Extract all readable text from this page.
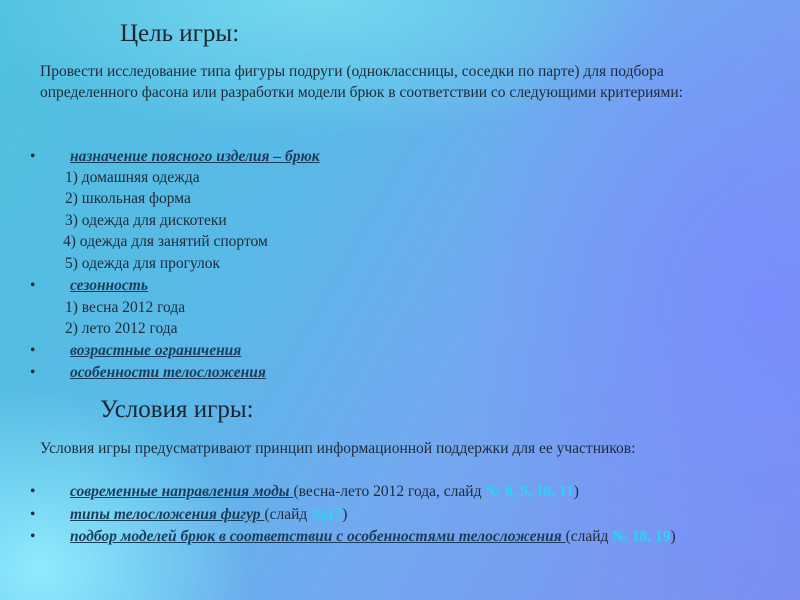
Цель игры:

Провести исследование типа фигуры подруги (одноклассницы, соседки по парте) для подбора определенного фасона или разработки модели брюк в соответствии со следующими критериями:

• назначение поясного изделия – брюк
1) домашняя одежда
2) школьная форма
3) одежда для дискотеки
4) одежда для занятий спортом
5) одежда для прогулок
• сезонность
1) весна 2012 года
2) лето 2012 года
• возрастные ограничения
• особенности телосложения
Условия игры:

Условия игры предусматривают принцип информационной поддержки для ее участников:

• современные направления моды (весна-лето 2012 года, слайд № 8, 9, 10, 11)
• типы телосложения фигур (слайд №17)
• подбор моделей брюк в соответствии с особенностями телосложения (слайд № 18, 19)
